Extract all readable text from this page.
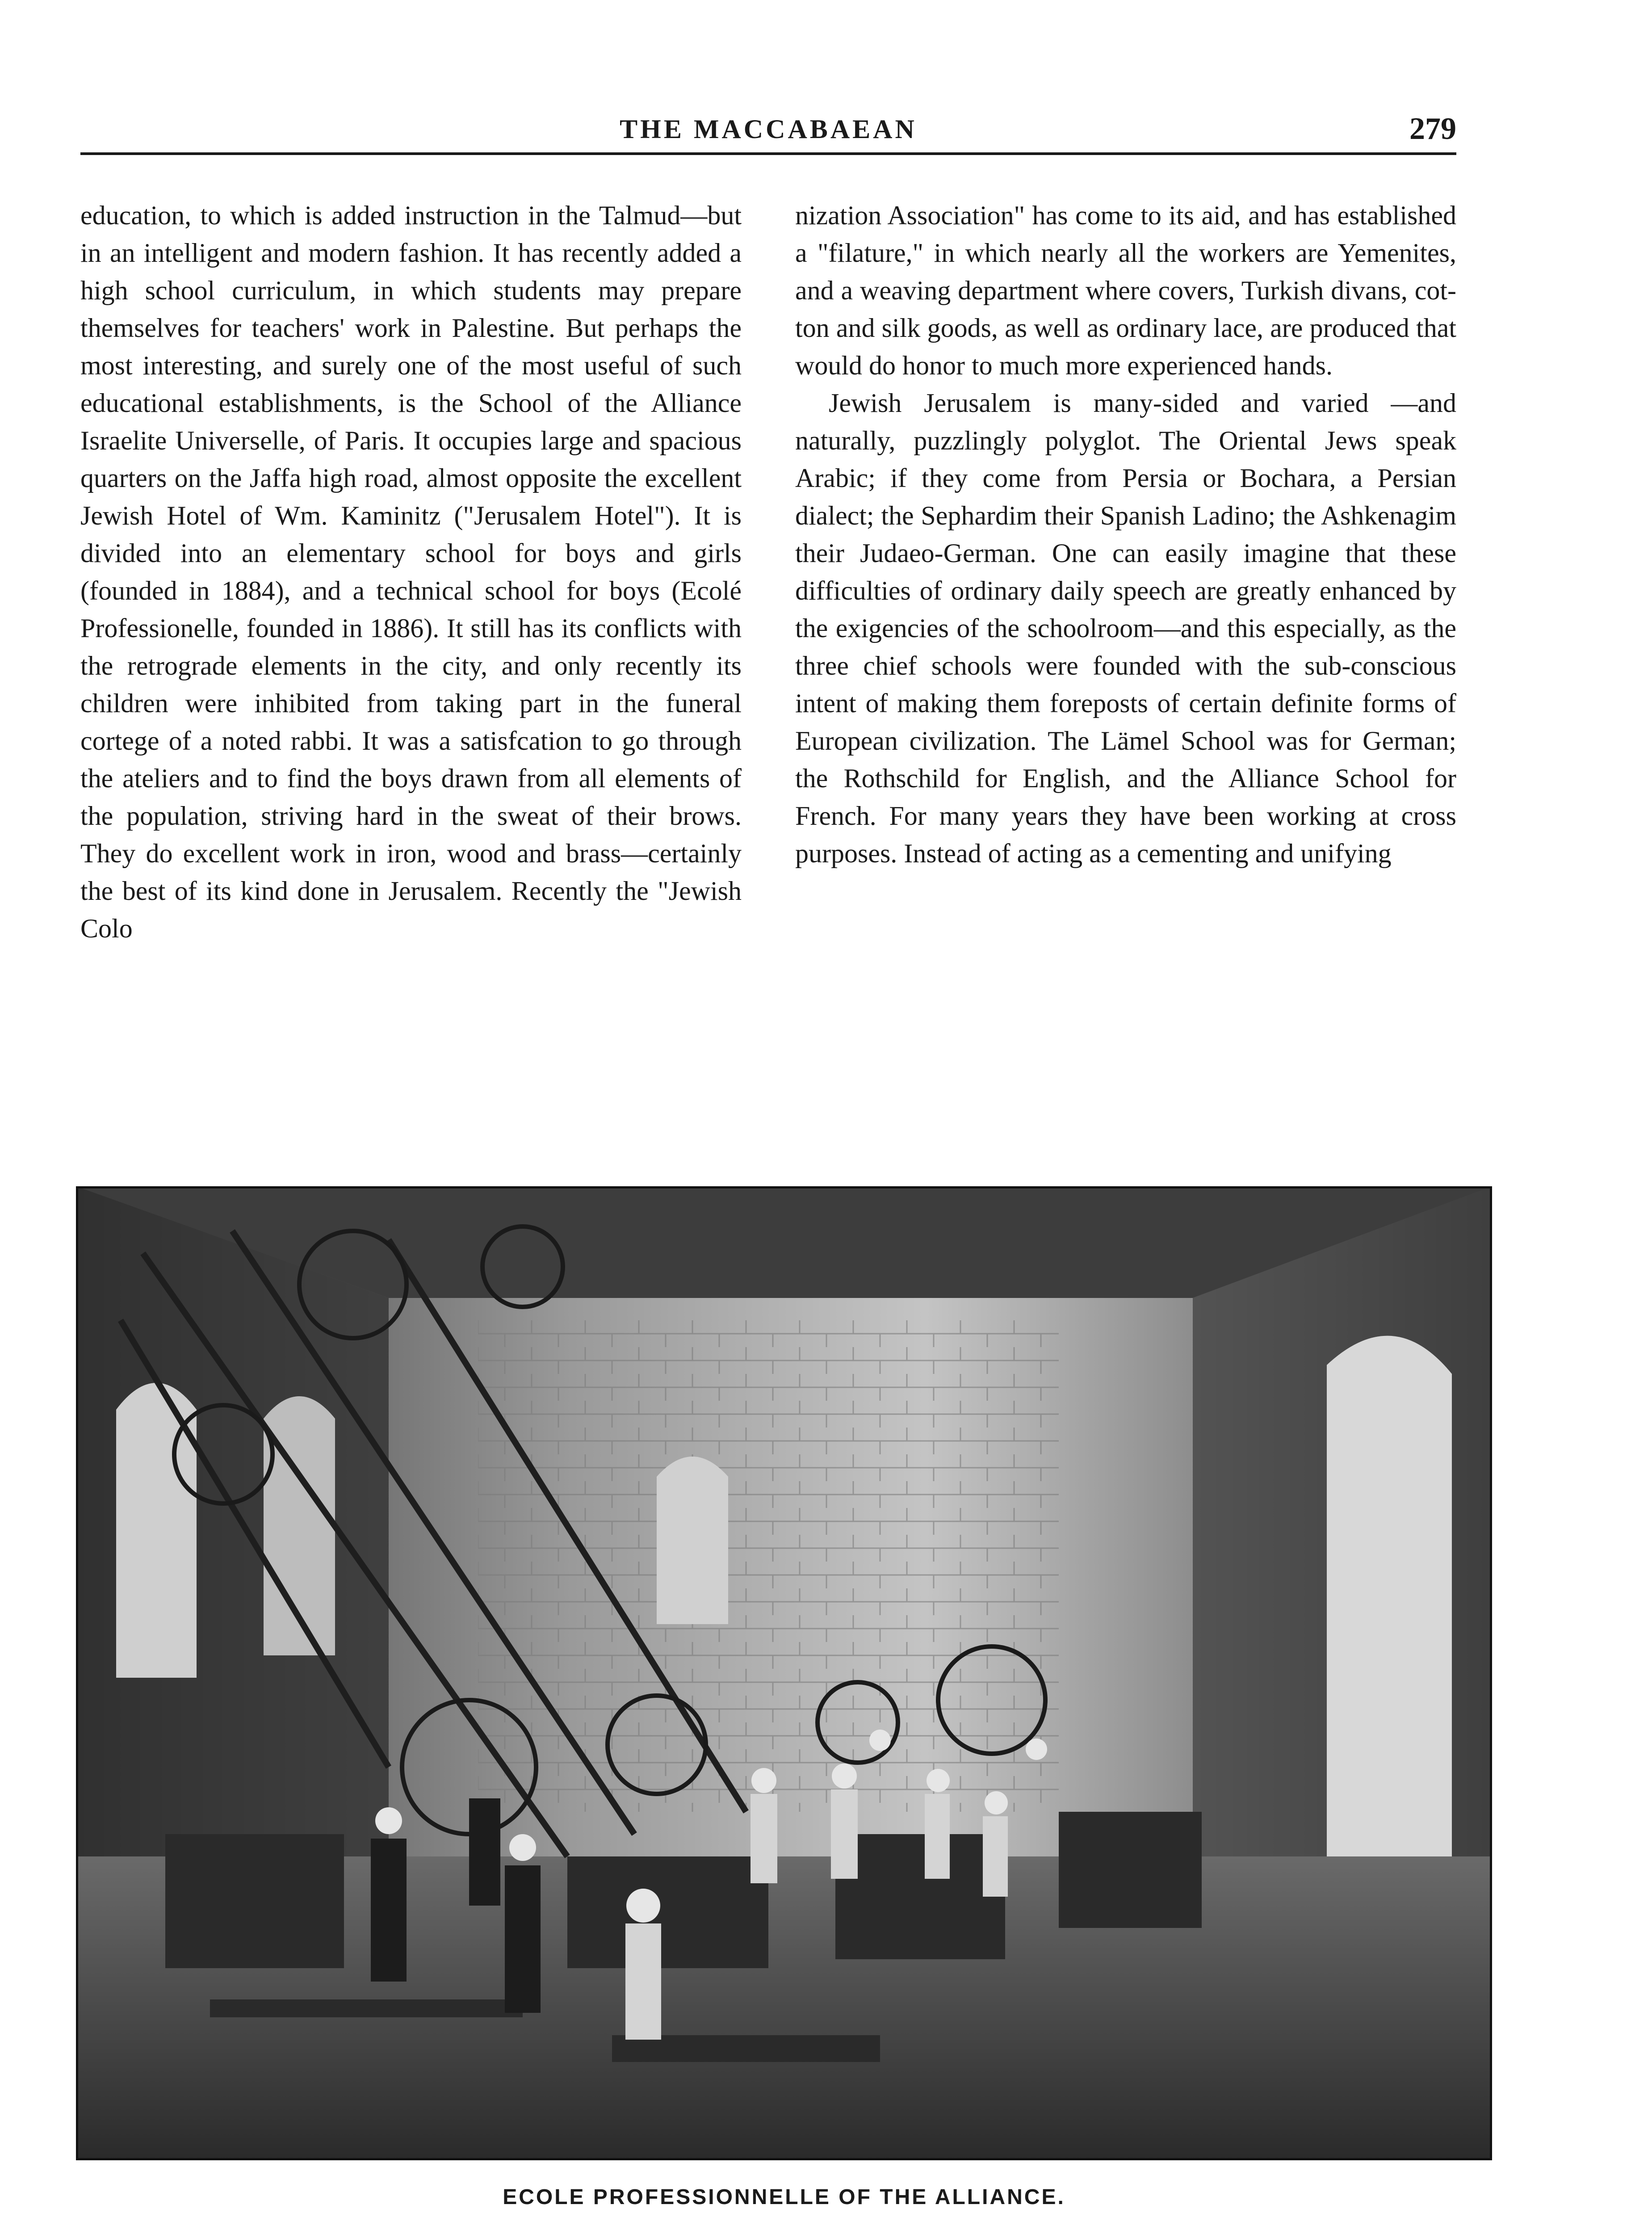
THE MACCABAEAN	279

education, to which is added instruction in the Talmud—but in an intelligent and modern fashion. It has recently added a high school curriculum, in which students may prepare themselves for teachers' work in Palestine. But perhaps the most interesting, and surely one of the most useful of such educational establishments, is the School of the Alliance Israelite Universelle, of Paris. It occupies large and spacious quarters on the Jaffa high road, almost opposite the excellent Jewish Hotel of Wm. Kaminitz ("Jerusalem Hotel"). It is divided into an elementary school for boys and girls (founded in 1884), and a technical school for boys (Ecolé Professionelle, founded in 1886). It still has its conflicts with the retrograde elements in the city, and only recently its children were inhibited from taking part in the funeral cortege of a noted rabbi. It was a satisfcation to go through the ateliers and to find the boys drawn from all elements of the population, striving hard in the sweat of their brows. They do excellent work in iron, wood and brass—certainly the best of its kind done in Jerusalem. Recently the "Jewish Colo

nization Association" has come to its aid, and has established a "filature," in which nearly all the workers are Yemenites, and a weaving department where covers, Turkish divans, cotton and silk goods, as well as ordinary lace, are produced that would do honor to much more experienced hands.

Jewish Jerusalem is many-sided and varied —and naturally, puzzlingly polyglot. The Oriental Jews speak Arabic; if they come from Persia or Bochara, a Persian dialect; the Sephardim their Spanish Ladino; the Ashkenagim their Judaeo-German. One can easily imagine that these difficulties of ordinary daily speech are greatly enhanced by the exigencies of the schoolroom—and this especially, as the three chief schools were founded with the sub-conscious intent of making them foreposts of certain definite forms of European civilization. The Lämel School was for German; the Rothschild for English, and the Alliance School for French. For many years they have been working at cross purposes. Instead of acting as a cementing and unifying

ECOLE PROFESSIONNELLE OF THE ALLIANCE.
